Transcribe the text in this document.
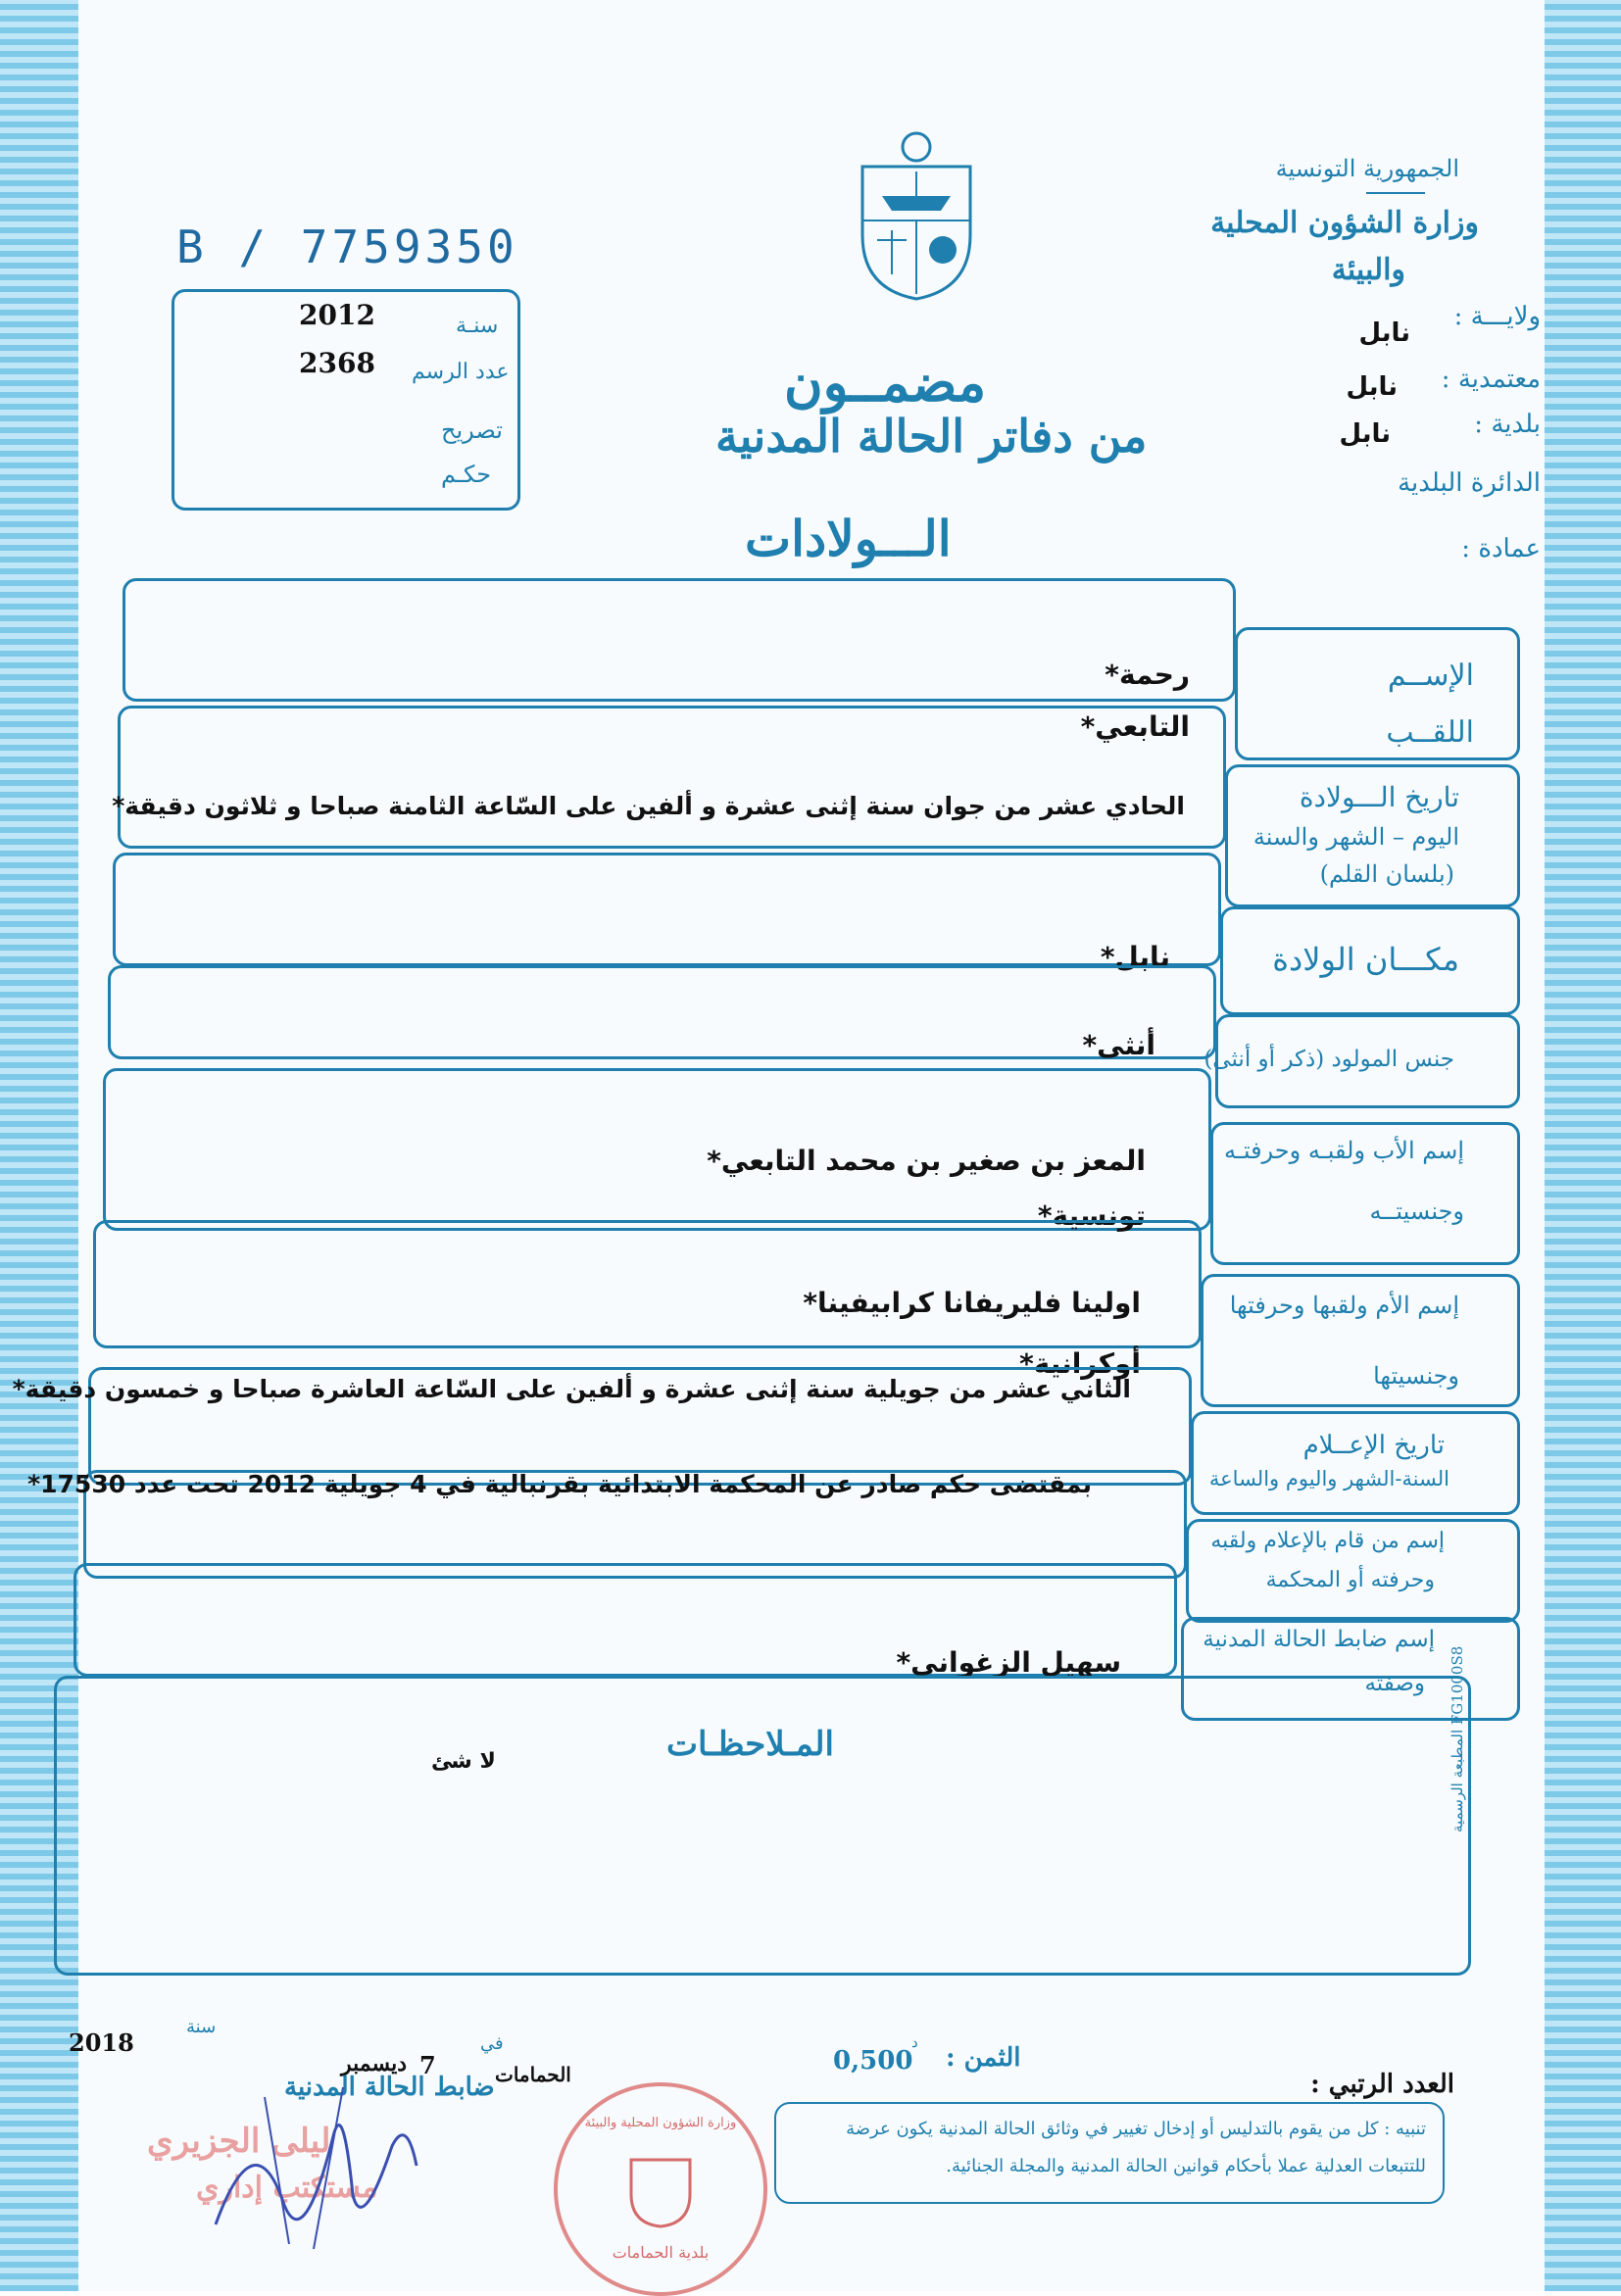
الجمهورية التونسية
وزارة الشؤون المحلية
والبيئة
ولايـــة :
نابل
معتمدية :
نابل
بلدية :
نابل
الدائرة البلدية
عمادة :
B / 7759350
سنـة
2012
عدد الرسم
2368
تصريح
حكـم
مضمــون
من دفاتر الحالة المدنية
الـــولادات
الإســم
اللقــب
رحمة*
التابعي*
تاريخ الـــولادة
اليوم – الشهر والسنة
(بلسان القلم)
الحادي عشر من جوان سنة إثنى عشرة و ألفين على السّاعة الثامنة صباحا و ثلاثون دقيقة*
مكـــان الولادة
نابل*
جنس المولود (ذكر أو أنثى)
أنثى*
إسم الأب ولقبـه وحرفتـه
وجنسيتــه
المعز بن صغير بن محمد التابعي*
تونسية*
إسم الأم ولقبها وحرفتها
وجنسيتها
اولينا فليريفانا كرابيفينا*
أوكرانية*
تاريخ الإعــلام
السنة-الشهر واليوم والساعة
الثاني عشر من جويلية سنة إثنى عشرة و ألفين على السّاعة العاشرة صباحا و خمسون دقيقة*
إسم من قام بالإعلام ولقبه
وحرفته أو المحكمة
بمقتضى حكم صادر عن المحكمة الابتدائية بقرنبالية في 4 جويلية 2012 تحت عدد 17530*
إسم ضابط الحالة المدنية
وصفته
سهيل الزغواني*
المـلاحظـات
لا شئ	المطبعة الرسمية FG1000S8
2018
سنة
في
7
ديسمبر	الحمامات
ضابط الحالة المدنية
الثمن :
0,500
د
العدد الرتبي :
تنبيه : كل من يقوم بالتدليس أو إدخال تغيير في وثائق الحالة المدنية يكون عرضة
للتتبعات العدلية عملا بأحكام قوانين الحالة المدنية والمجلة الجنائية.
وزارة الشؤون المحلية والبيئة
بلدية الحمامات
ليلى الجزيري
مستكتب إداري
